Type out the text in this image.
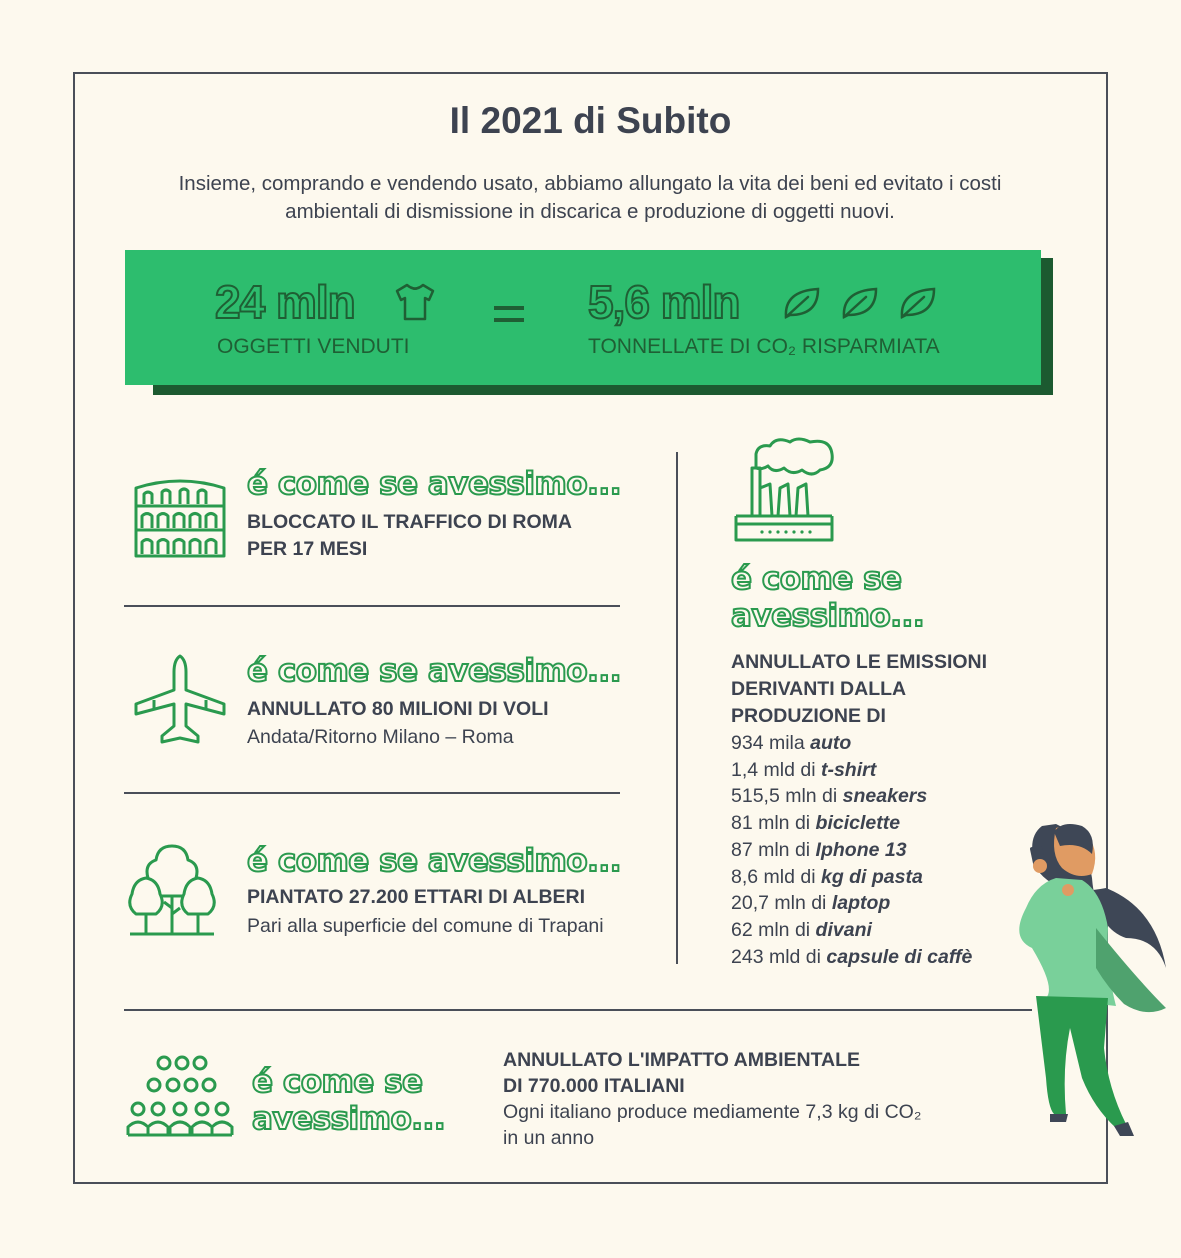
Il 2021 di Subito
Insieme, comprando e vendendo usato, abbiamo allungato la vita dei beni ed evitato i costi
ambientali di dismissione in discarica e produzione di oggetti nuovi.
24 mln
OGGETTI VENDUTI
5,6 mln
TONNELLATE DI CO₂ RISPARMIATA
é come se avessimo...
BLOCCATO IL TRAFFICO DI ROMA
PER 17 MESI
é come se avessimo...
ANNULLATO 80 MILIONI DI VOLI
Andata/Ritorno Milano – Roma
é come se avessimo...
PIANTATO 27.200 ETTARI DI ALBERI
Pari alla superficie del comune di Trapani
é come se
avessimo...
ANNULLATO LE EMISSIONI
DERIVANTI DALLA
PRODUZIONE DI
934 mila auto
1,4 mld di t-shirt
515,5 mln di sneakers
81 mln di biciclette
87 mln di Iphone 13
8,6 mld di kg di pasta
20,7 mln di laptop
62 mln di divani
243 mld di capsule di caffè
é come se
avessimo...
ANNULLATO L'IMPATTO AMBIENTALE
DI 770.000 ITALIANI
Ogni italiano produce mediamente 7,3 kg di CO₂
in un anno
